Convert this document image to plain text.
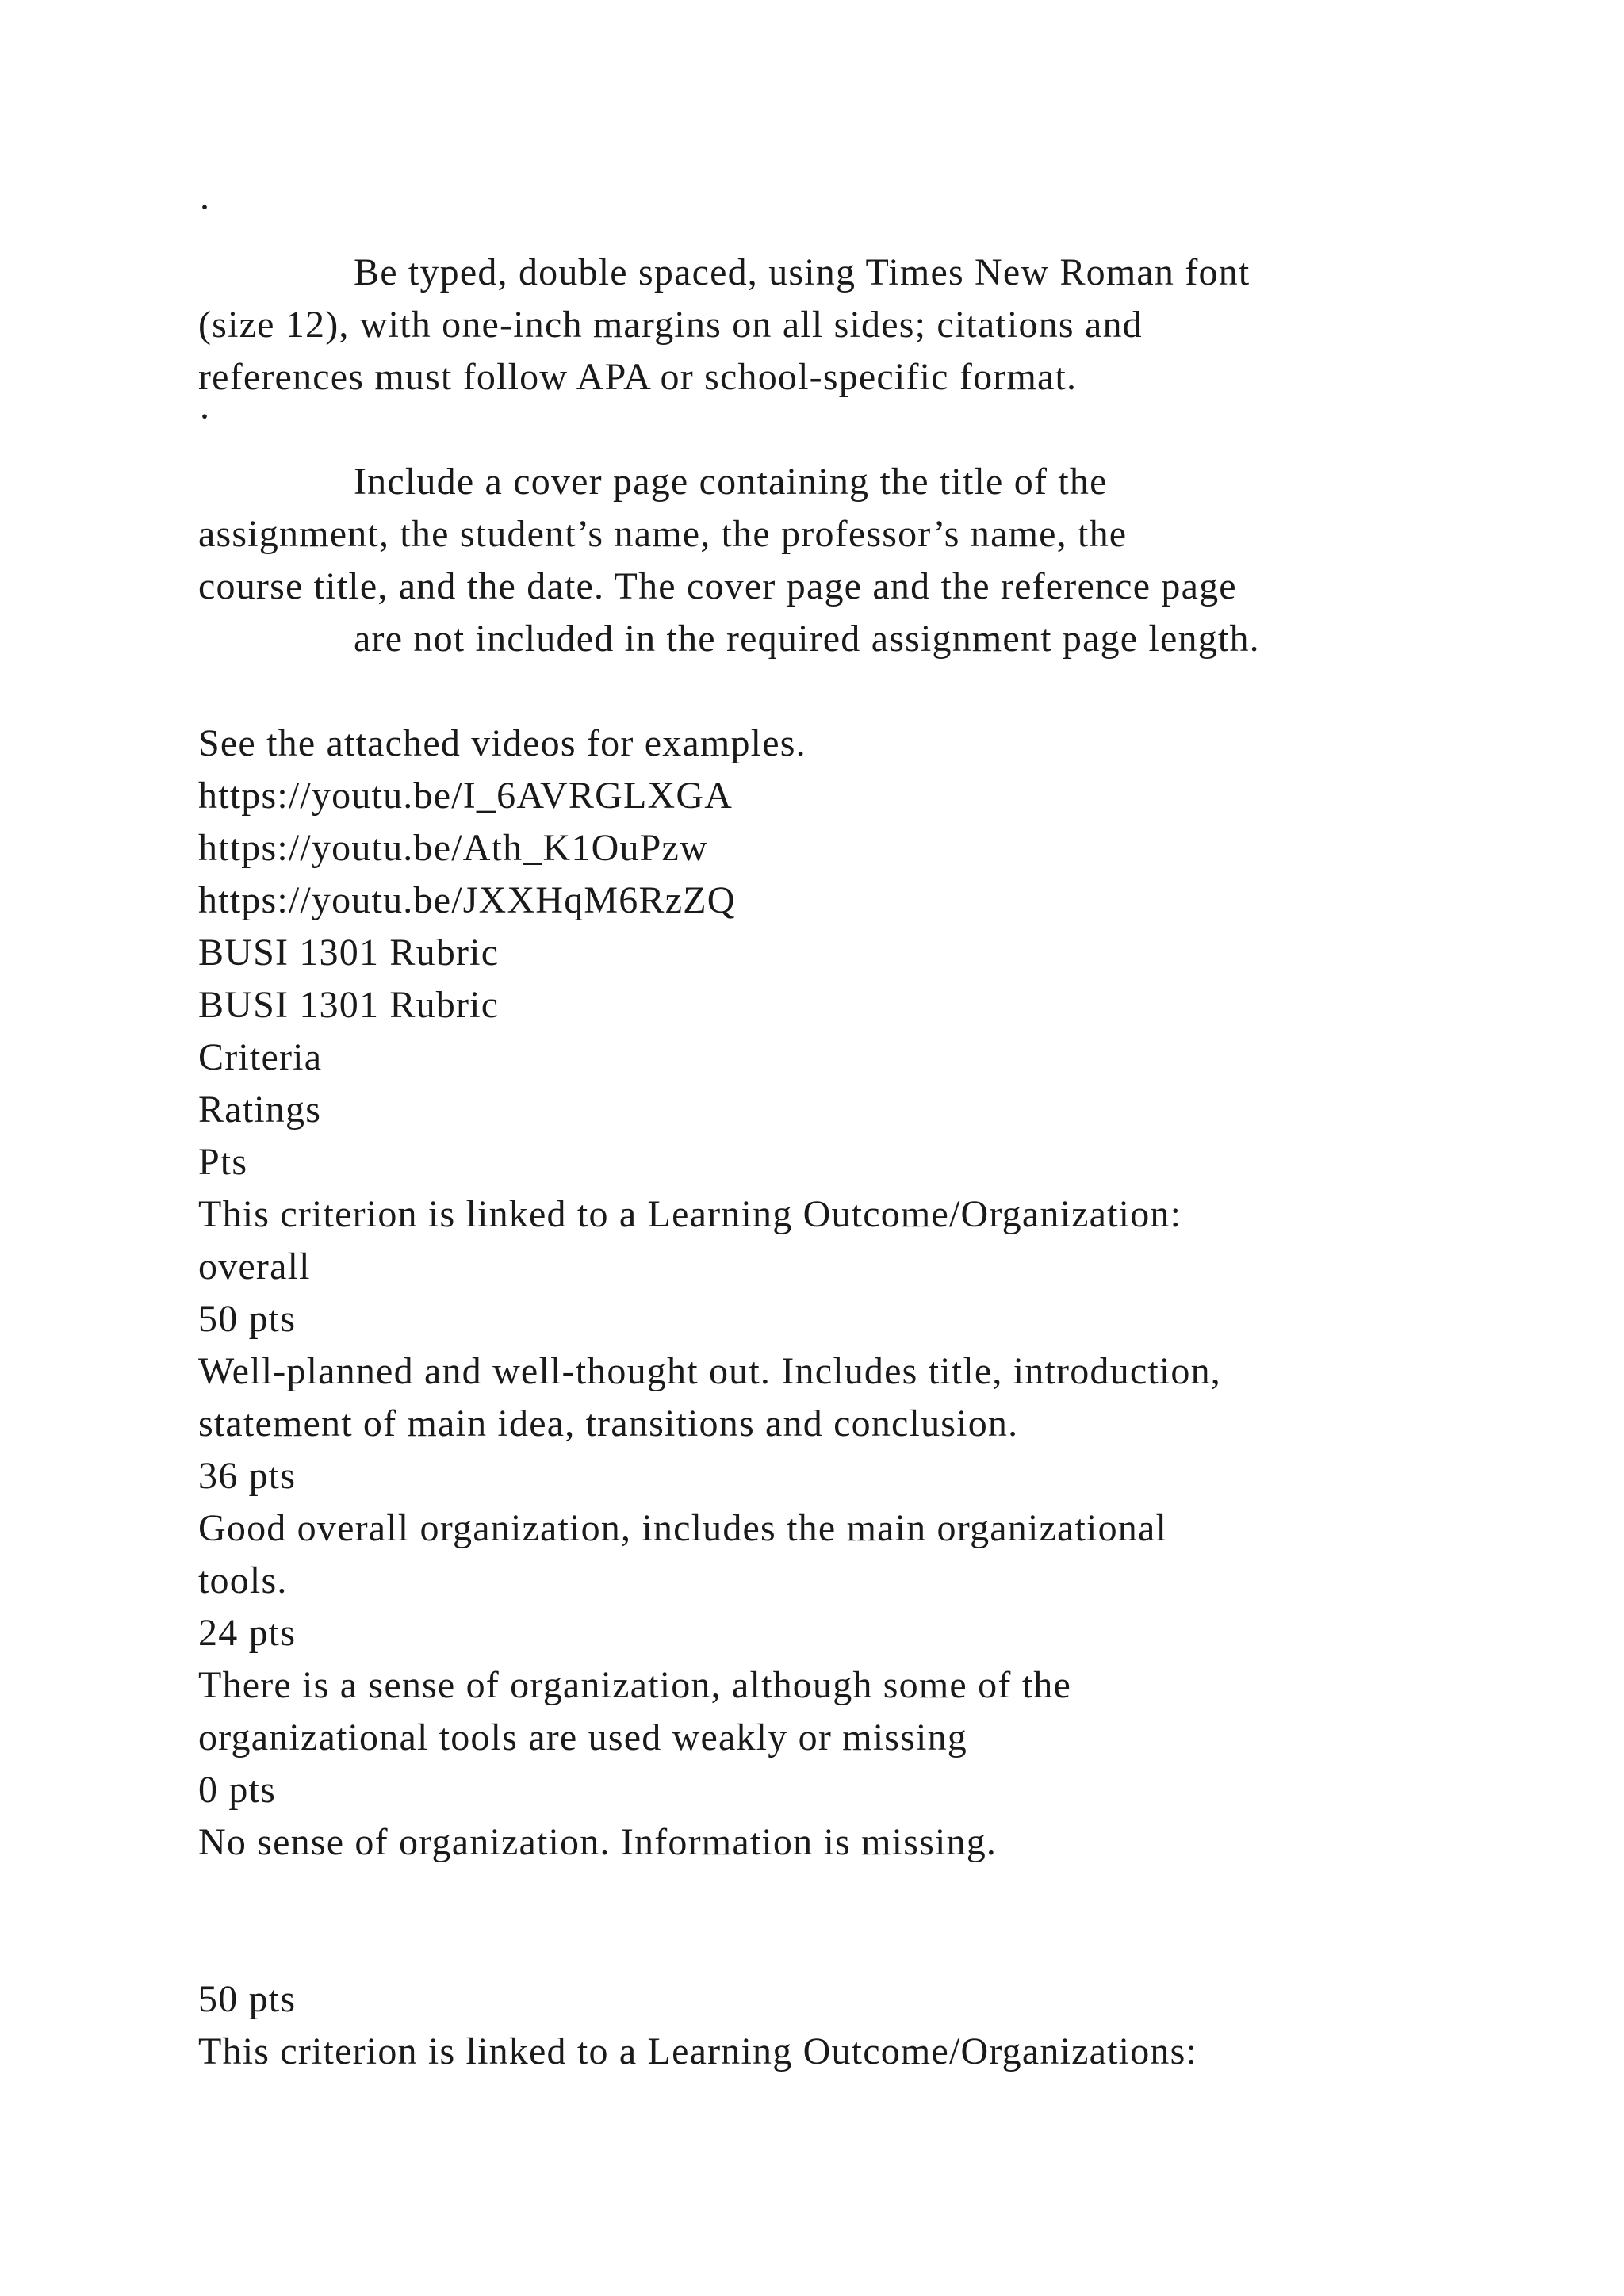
·
Be typed, double spaced, using Times New Roman font
(size 12), with one-inch margins on all sides; citations and
references must follow APA or school-specific format.
·
Include a cover page containing the title of the
assignment, the student’s name, the professor’s name, the
course title, and the date. The cover page and the reference page
are not included in the required assignment page length.
See the attached videos for examples.
https://youtu.be/I_6AVRGLXGA
https://youtu.be/Ath_K1OuPzw
https://youtu.be/JXXHqM6RzZQ
BUSI 1301 Rubric
BUSI 1301 Rubric
Criteria
Ratings
Pts
This criterion is linked to a Learning Outcome/Organization:
overall
50 pts
Well-planned and well-thought out. Includes title, introduction,
statement of main idea, transitions and conclusion.
36 pts
Good overall organization, includes the main organizational
tools.
24 pts
There is a sense of organization, although some of the
organizational tools are used weakly or missing
0 pts
No sense of organization. Information is missing.
50 pts
This criterion is linked to a Learning Outcome/Organizations:
